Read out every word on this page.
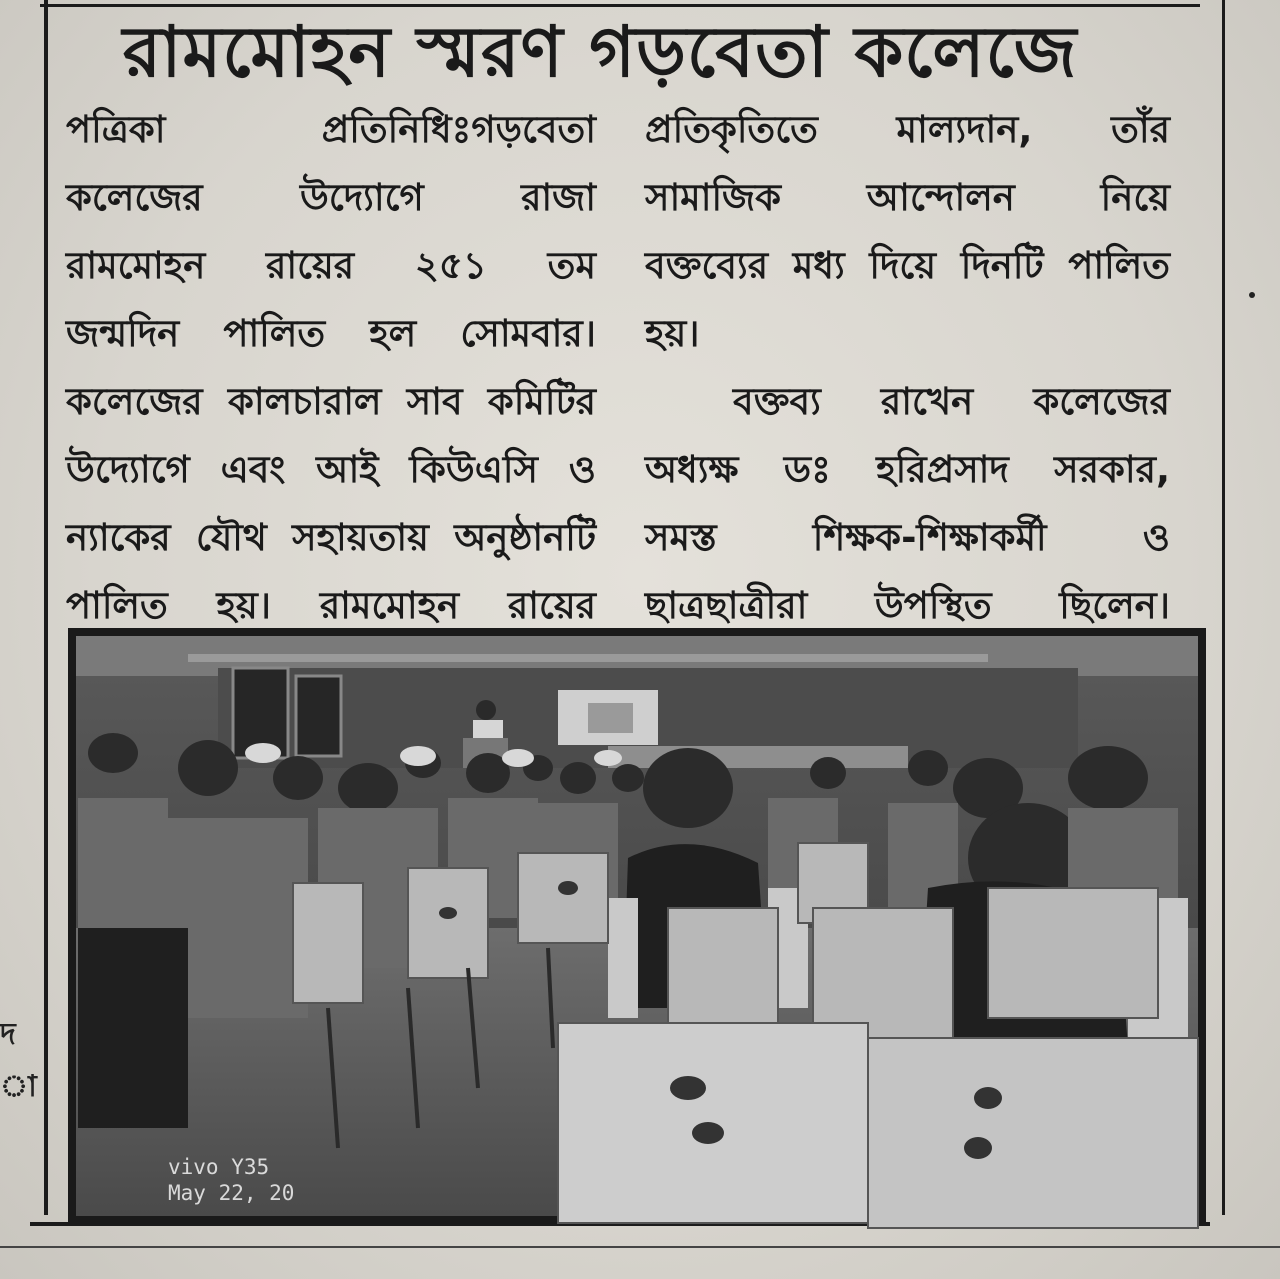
দ
া
রামমোহন স্মরণ গড়বেতা কলেজে

পত্রিকা প্রতিনিধিঃগড়বেতা

কলেজের উদ্যোগে রাজা

রামমোহন রায়ের ২৫১ তম

জন্মদিন পালিত হল সোমবার।

কলেজের কালচারাল সাব কমিটির

উদ্যোগে এবং আই কিউএসি ও

ন্যাকের যৌথ সহায়তায় অনুষ্ঠানটি

পালিত হয়। রামমোহন রায়ের

প্রতিকৃতিতে মাল্যদান, তাঁর

সামাজিক আন্দোলন নিয়ে

বক্তব্যের মধ্য দিয়ে দিনটি পালিত

হয়।

বক্তব্য রাখেন কলেজের

অধ্যক্ষ ডঃ হরিপ্রসাদ সরকার,

সমস্ত শিক্ষক-শিক্ষাকর্মী ও

ছাত্রছাত্রীরা উপস্থিত ছিলেন।

vivo Y35
May 22, 20
